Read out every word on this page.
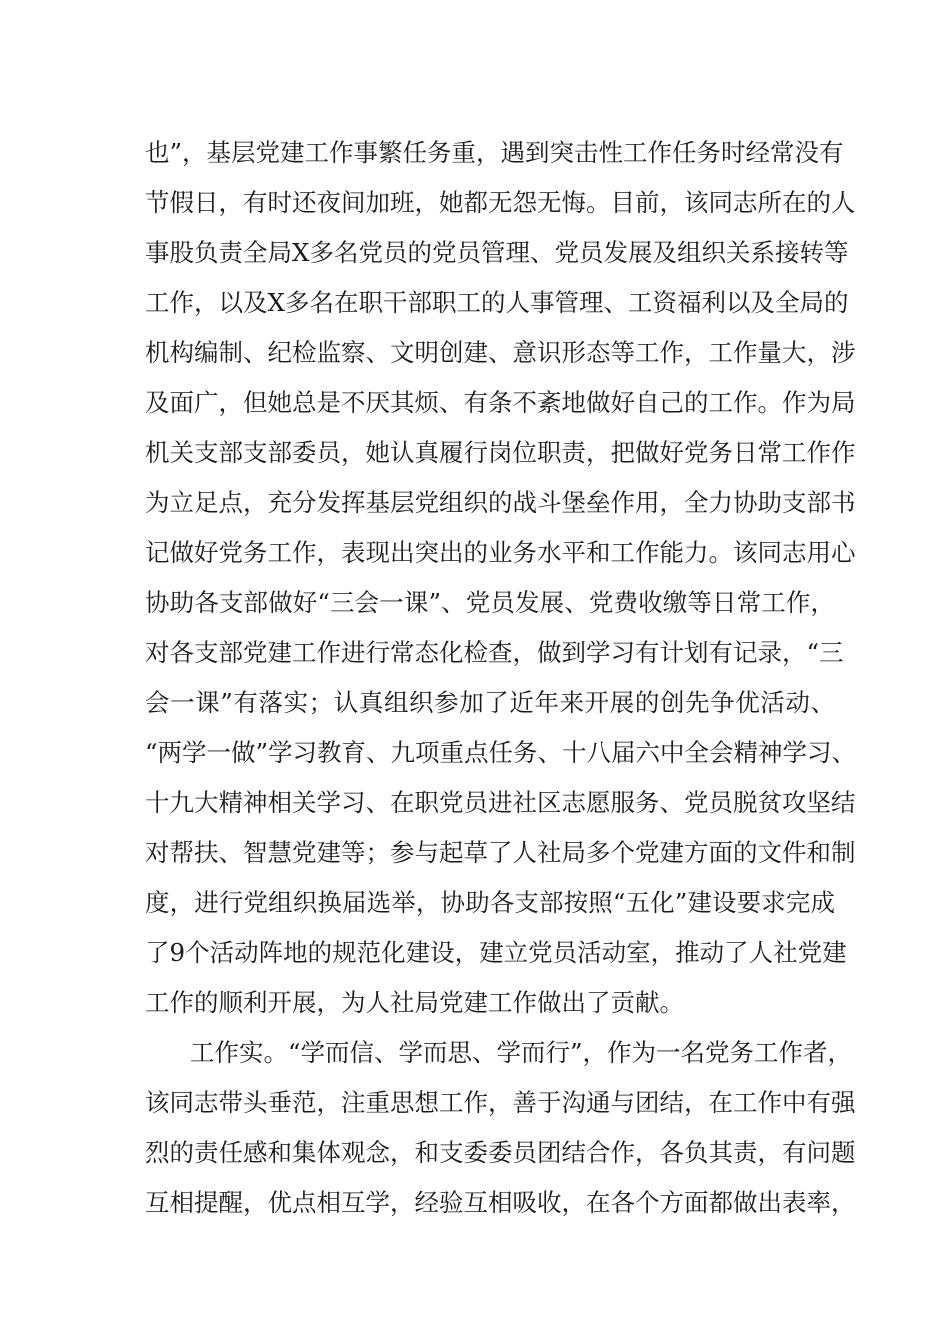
也”，基层党建工作事繁任务重，遇到突击性工作任务时经常没有
节假日，有时还夜间加班，她都无怨无悔。目前，该同志所在的人
事股负责全局X多名党员的党员管理、党员发展及组织关系接转等
工作，以及X多名在职干部职工的人事管理、工资福利以及全局的
机构编制、纪检监察、文明创建、意识形态等工作，工作量大，涉
及面广，但她总是不厌其烦、有条不紊地做好自己的工作。作为局
机关支部支部委员，她认真履行岗位职责，把做好党务日常工作作
为立足点，充分发挥基层党组织的战斗堡垒作用，全力协助支部书
记做好党务工作，表现出突出的业务水平和工作能力。该同志用心
协助各支部做好“三会一课”、党员发展、党费收缴等日常工作，
对各支部党建工作进行常态化检查，做到学习有计划有记录，“三
会一课”有落实；认真组织参加了近年来开展的创先争优活动、
“两学一做”学习教育、九项重点任务、十八届六中全会精神学习、
十九大精神相关学习、在职党员进社区志愿服务、党员脱贫攻坚结
对帮扶、智慧党建等；参与起草了人社局多个党建方面的文件和制
度，进行党组织换届选举，协助各支部按照“五化”建设要求完成
了9个活动阵地的规范化建设，建立党员活动室，推动了人社党建
工作的顺利开展，为人社局党建工作做出了贡献。
工作实。“学而信、学而思、学而行”，作为一名党务工作者，
该同志带头垂范，注重思想工作，善于沟通与团结，在工作中有强
烈的责任感和集体观念，和支委委员团结合作，各负其责，有问题
互相提醒，优点相互学，经验互相吸收，在各个方面都做出表率，
